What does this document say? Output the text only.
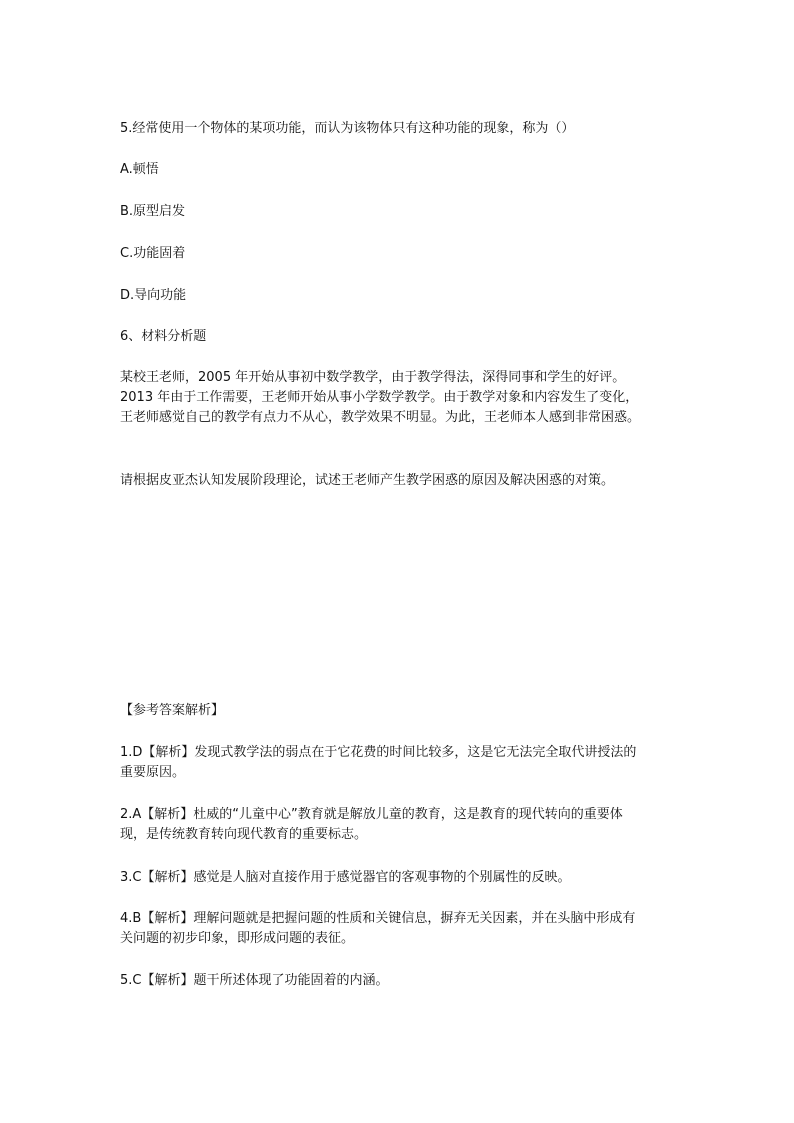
5.经常使用一个物体的某项功能，而认为该物体只有这种功能的现象，称为（）
A.顿悟
B.原型启发
C.功能固着
D.导向功能
6、材料分析题
某校王老师，2005 年开始从事初中数学教学，由于教学得法，深得同事和学生的好评。
2013 年由于工作需要，王老师开始从事小学数学教学。由于教学对象和内容发生了变化，
王老师感觉自己的教学有点力不从心，教学效果不明显。为此，王老师本人感到非常困惑。
请根据皮亚杰认知发展阶段理论，试述王老师产生教学困惑的原因及解决困惑的对策。
【参考答案解析】
1.D【解析】发现式教学法的弱点在于它花费的时间比较多，这是它无法完全取代讲授法的
重要原因。
2.A【解析】杜威的“儿童中心”教育就是解放儿童的教育，这是教育的现代转向的重要体
现，是传统教育转向现代教育的重要标志。
3.C【解析】感觉是人脑对直接作用于感觉器官的客观事物的个别属性的反映。
4.B【解析】理解问题就是把握问题的性质和关键信息，摒弃无关因素，并在头脑中形成有
关问题的初步印象，即形成问题的表征。
5.C【解析】题干所述体现了功能固着的内涵。
